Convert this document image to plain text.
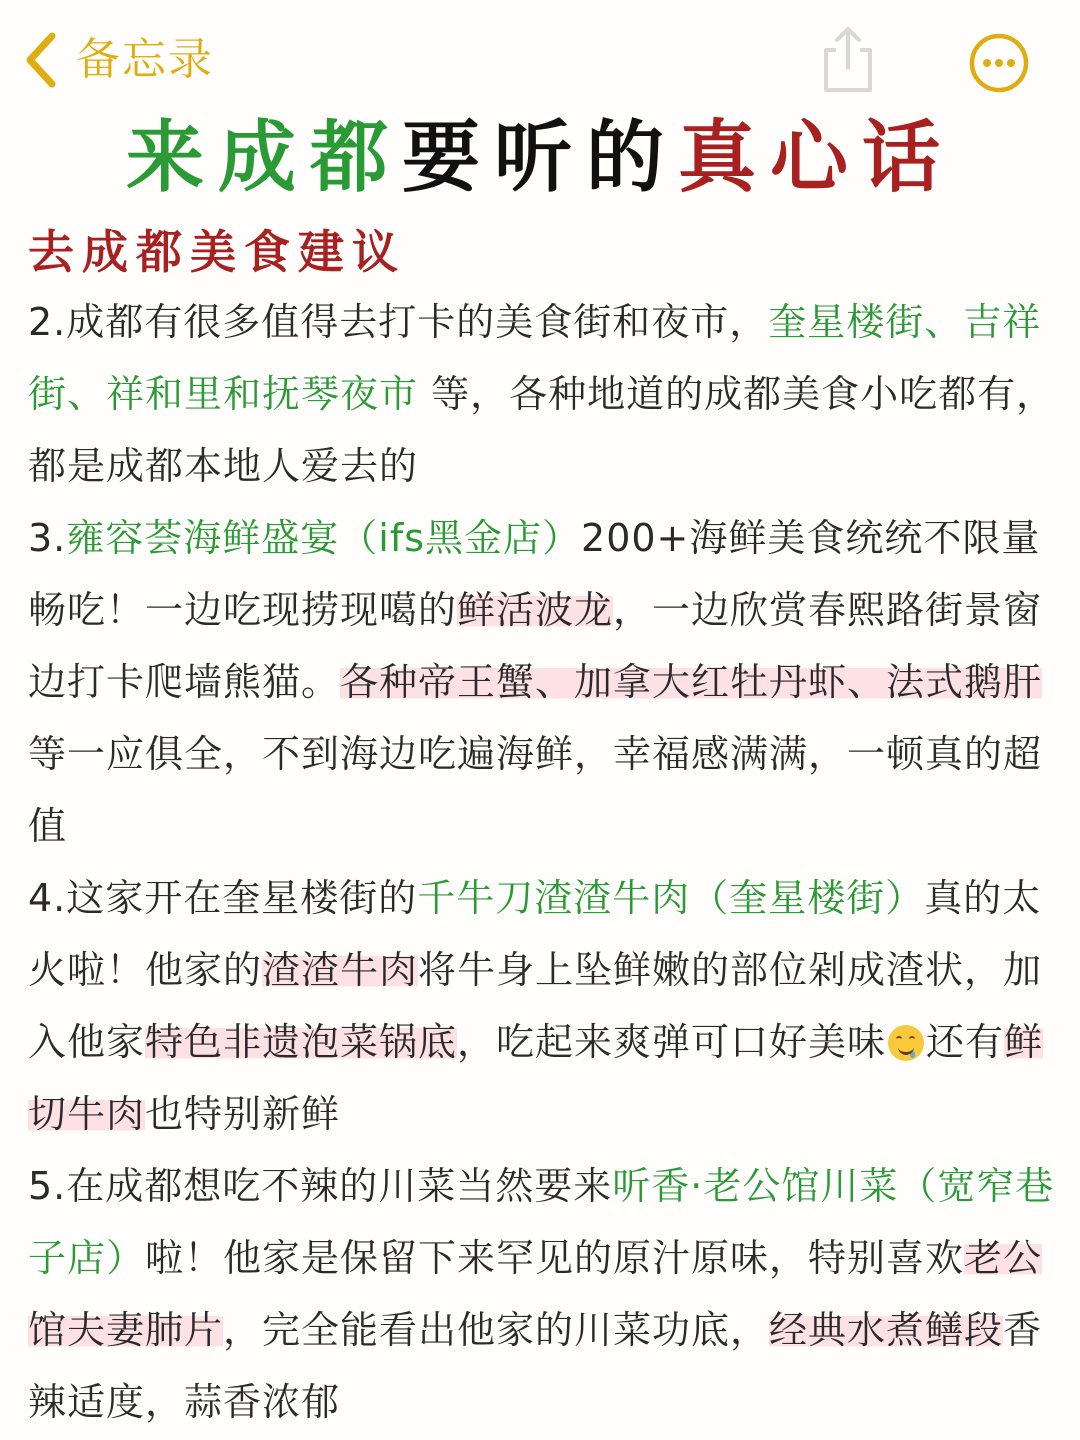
备忘录
来成都要听的真心话
去成都美食建议

2.成都有很多值得去打卡的美食街和夜市，奎星楼街、吉祥街、祥和里和抚琴夜市 等，各种地道的成都美食小吃都有，都是成都本地人爱去的

3.雍容荟海鲜盛宴（ifs黑金店）200+海鲜美食统统不限量畅吃！一边吃现捞现噶的鲜活波龙，一边欣赏春熙路街景窗边打卡爬墙熊猫。各种帝王蟹、加拿大红牡丹虾、法式鹅肝等一应俱全，不到海边吃遍海鲜，幸福感满满，一顿真的超值

4.这家开在奎星楼街的千牛刀渣渣牛肉（奎星楼街）真的太火啦！他家的渣渣牛肉将牛身上坠鲜嫩的部位剁成渣状，加入他家特色非遗泡菜锅底，吃起来爽弹可口好美味 还有鲜切牛肉也特别新鲜

5.在成都想吃不辣的川菜当然要来听香·老公馆川菜（宽窄巷子店）啦！他家是保留下来罕见的原汁原味，特别喜欢老公馆夫妻肺片，完全能看出他家的川菜功底，经典水煮鳝段香辣适度，蒜香浓郁
